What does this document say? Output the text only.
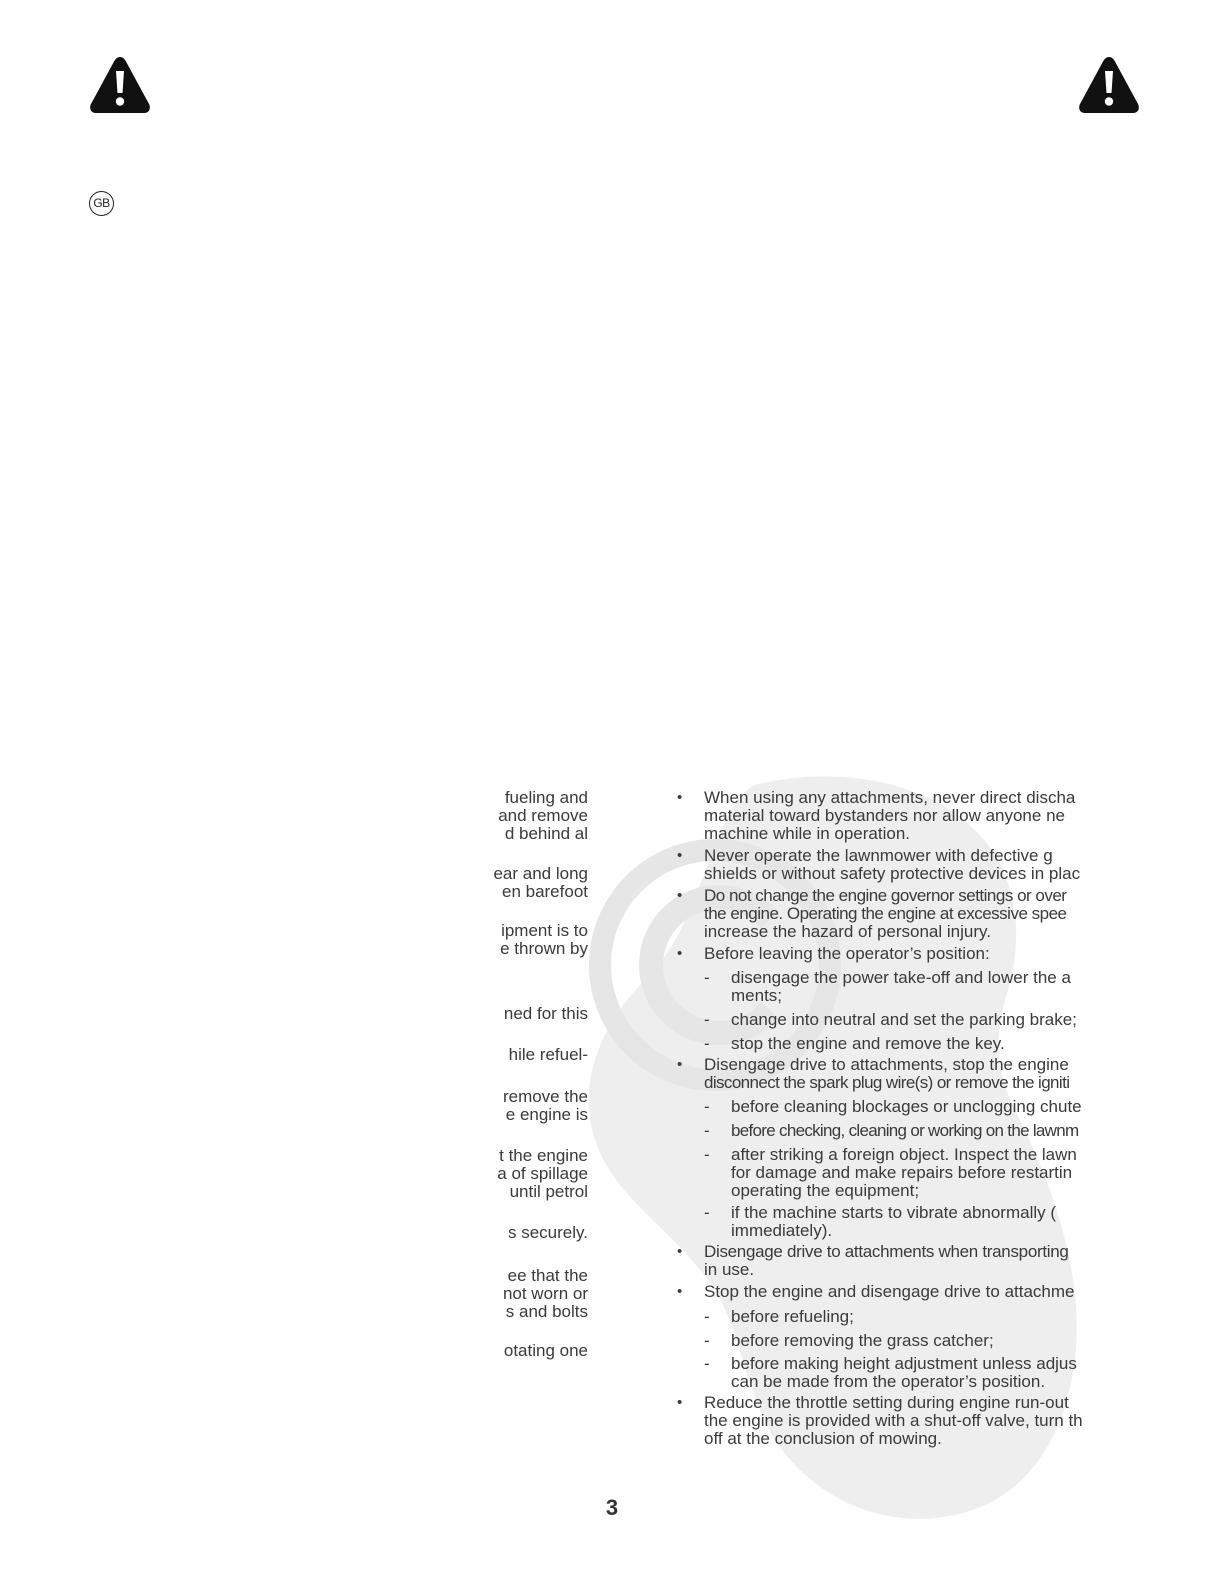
GB
fueling and
and remove
d behind al
ear and long
en barefoot
ipment is to
e thrown by
ned for this
hile refuel-
remove the
e engine is
t the engine
a of spillage
until petrol
s securely.
ee that the
not worn or
s and bolts
otating one
• When using any attachments, never direct discha
material toward bystanders nor allow anyone ne
machine while in operation.
• Never operate the lawnmower with defective g
shields or without safety protective devices in plac
• Do not change the engine governor settings or over
the engine. Operating the engine at excessive spee
increase the hazard of personal injury.
• Before leaving the operator’s position:
- disengage the power take-off and lower the a
ments;
- change into neutral and set the parking brake;
- stop the engine and remove the key.
• Disengage drive to attachments, stop the engine
disconnect the spark plug wire(s) or remove the igniti
- before cleaning blockages or unclogging chute
- before checking, cleaning or working on the lawnm
- after striking a foreign object. Inspect the lawn
for damage and make repairs before restartin
operating the equipment;
- if the machine starts to vibrate abnormally (
immediately).
• Disengage drive to attachments when transporting
in use.
• Stop the engine and disengage drive to attachme
- before refueling;
- before removing the grass catcher;
- before making height adjustment unless adjus
can be made from the operator’s position.
• Reduce the throttle setting during engine run-out
the engine is provided with a shut-off valve, turn th
off at the conclusion of mowing.
3
